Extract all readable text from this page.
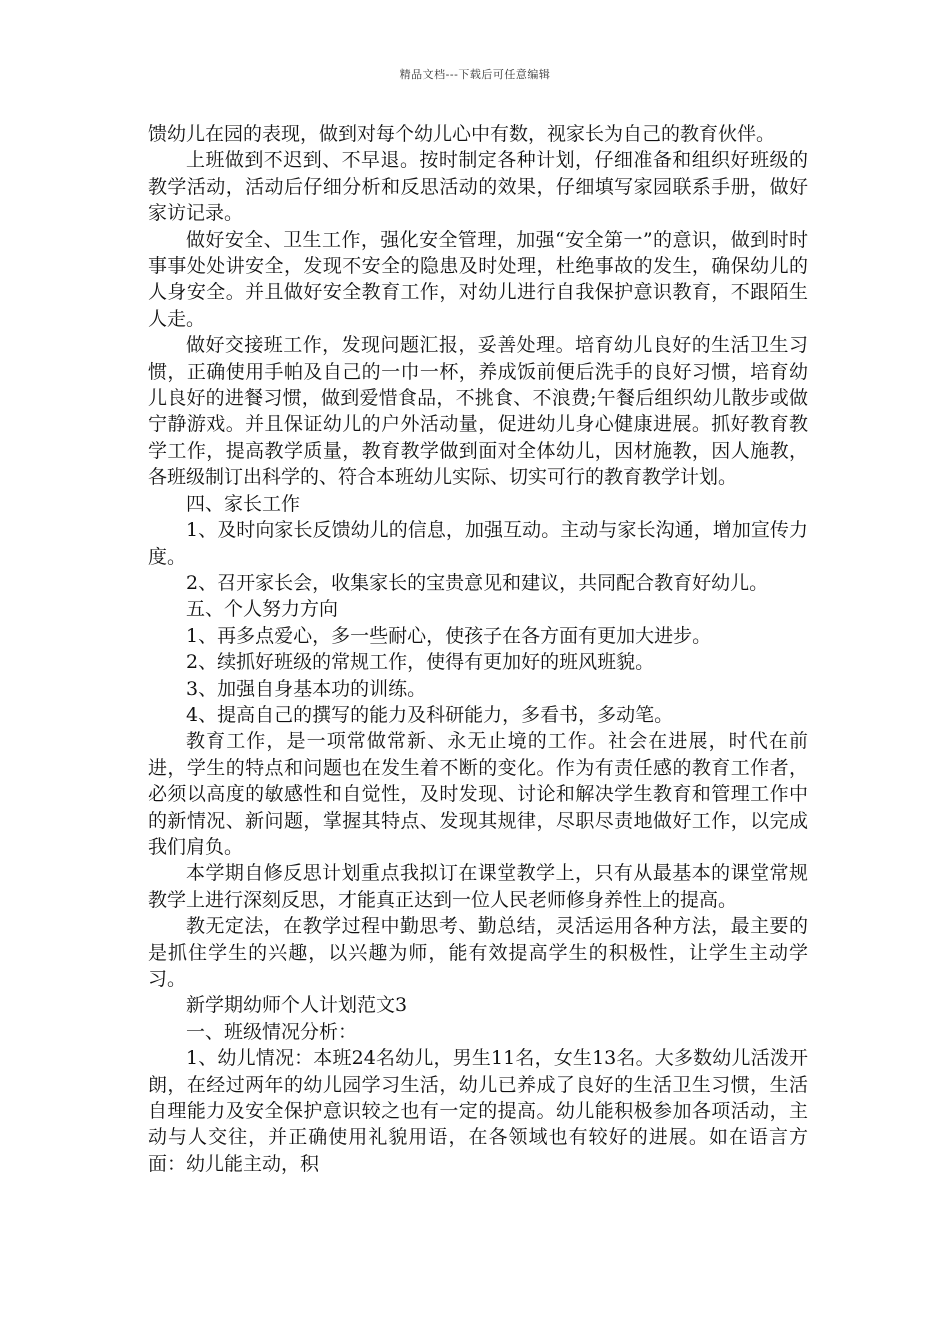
精品文档---下载后可任意编辑

馈幼儿在园的表现，做到对每个幼儿心中有数，视家长为自己的教育伙伴。

上班做到不迟到、不早退。按时制定各种计划，仔细准备和组织好班级的教学活动，活动后仔细分析和反思活动的效果，仔细填写家园联系手册，做好家访记录。

做好安全、卫生工作，强化安全管理，加强“安全第一”的意识，做到时时事事处处讲安全，发现不安全的隐患及时处理，杜绝事故的发生，确保幼儿的人身安全。并且做好安全教育工作，对幼儿进行自我保护意识教育，不跟陌生人走。

做好交接班工作，发现问题汇报，妥善处理。培育幼儿良好的生活卫生习惯，正确使用手帕及自己的一巾一杯，养成饭前便后洗手的良好习惯，培育幼儿良好的进餐习惯，做到爱惜食品，不挑食、不浪费;午餐后组织幼儿散步或做宁静游戏。并且保证幼儿的户外活动量，促进幼儿身心健康进展。抓好教育教学工作，提高教学质量，教育教学做到面对全体幼儿，因材施教，因人施教，各班级制订出科学的、符合本班幼儿实际、切实可行的教育教学计划。

四、家长工作

1、及时向家长反馈幼儿的信息，加强互动。主动与家长沟通，增加宣传力度。

2、召开家长会，收集家长的宝贵意见和建议，共同配合教育好幼儿。

五、个人努力方向

1、再多点爱心，多一些耐心，使孩子在各方面有更加大进步。

2、续抓好班级的常规工作，使得有更加好的班风班貌。

3、加强自身基本功的训练。

4、提高自己的撰写的能力及科研能力，多看书，多动笔。

教育工作，是一项常做常新、永无止境的工作。社会在进展，时代在前进，学生的特点和问题也在发生着不断的变化。作为有责任感的教育工作者，必须以高度的敏感性和自觉性，及时发现、讨论和解决学生教育和管理工作中的新情况、新问题，掌握其特点、发现其规律，尽职尽责地做好工作，以完成我们肩负。

本学期自修反思计划重点我拟订在课堂教学上，只有从最基本的课堂常规教学上进行深刻反思，才能真正达到一位人民老师修身养性上的提高。

教无定法，在教学过程中勤思考、勤总结，灵活运用各种方法，最主要的是抓住学生的兴趣，以兴趣为师，能有效提高学生的积极性，让学生主动学习。

新学期幼师个人计划范文3

一、班级情况分析：

1、幼儿情况：本班24名幼儿，男生11名，女生13名。大多数幼儿活泼开朗，在经过两年的幼儿园学习生活，幼儿已养成了良好的生活卫生习惯，生活自理能力及安全保护意识较之也有一定的提高。幼儿能积极参加各项活动，主动与人交往，并正确使用礼貌用语，在各领域也有较好的进展。如在语言方面：幼儿能主动，积
